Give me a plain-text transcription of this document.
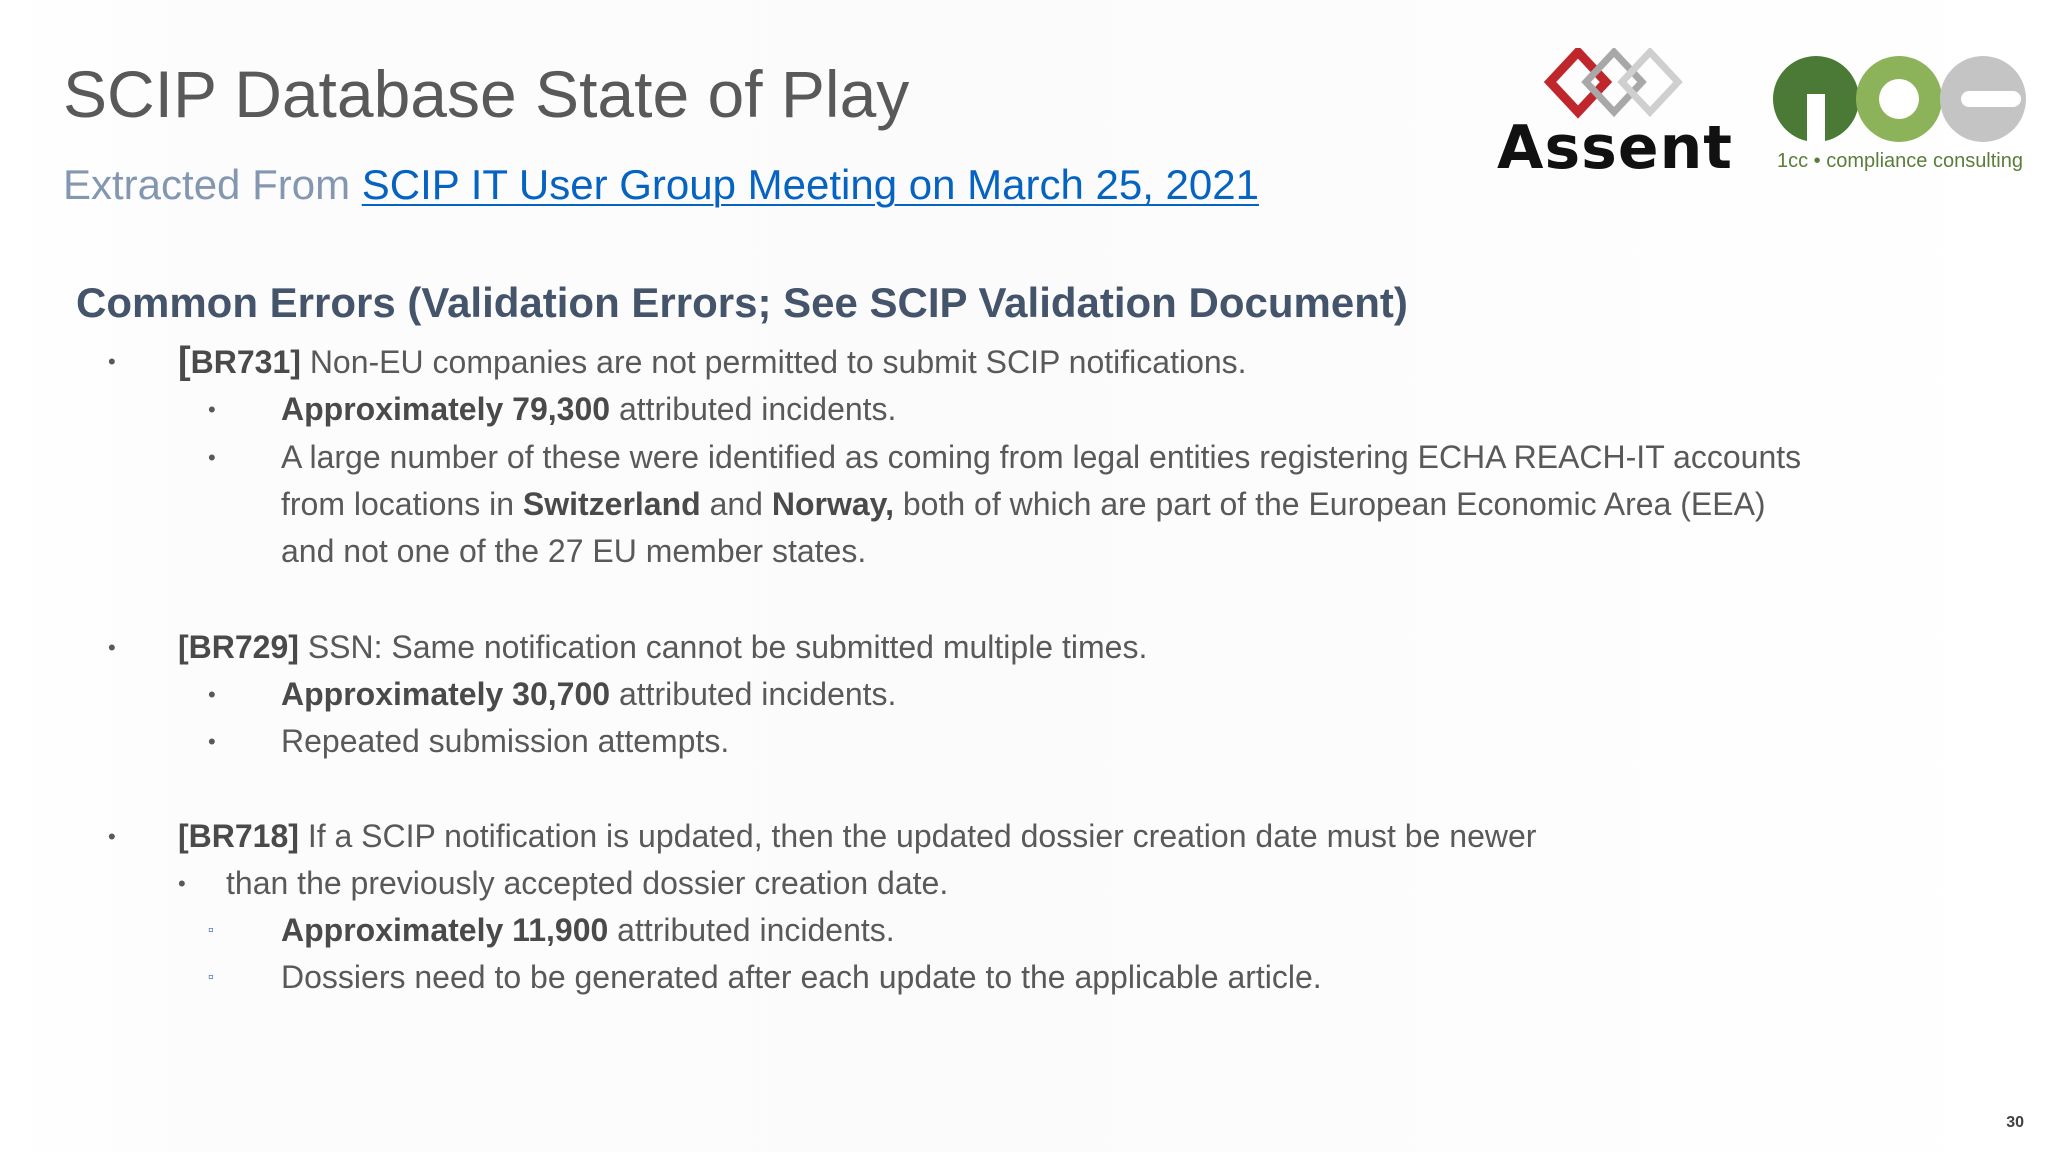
SCIP Database State of Play
Extracted From SCIP IT User Group Meeting on March 25, 2021
Assent	1cc • compliance consulting
Common Errors (Validation Errors; See SCIP Validation Document)
• [BR731] Non-EU companies are not permitted to submit SCIP notifications.
• Approximately 79,300 attributed incidents.
• A large number of these were identified as coming from legal entities registering ECHA REACH-IT accounts
from locations in Switzerland and Norway, both of which are part of the European Economic Area (EEA)
and not one of the 27 EU member states.
• [BR729] SSN: Same notification cannot be submitted multiple times.
• Approximately 30,700 attributed incidents.
• Repeated submission attempts.
• [BR718] If a SCIP notification is updated, then the updated dossier creation date must be newer
• than the previously accepted dossier creation date.
▫ Approximately 11,900 attributed incidents.
▫ Dossiers need to be generated after each update to the applicable article.
30
